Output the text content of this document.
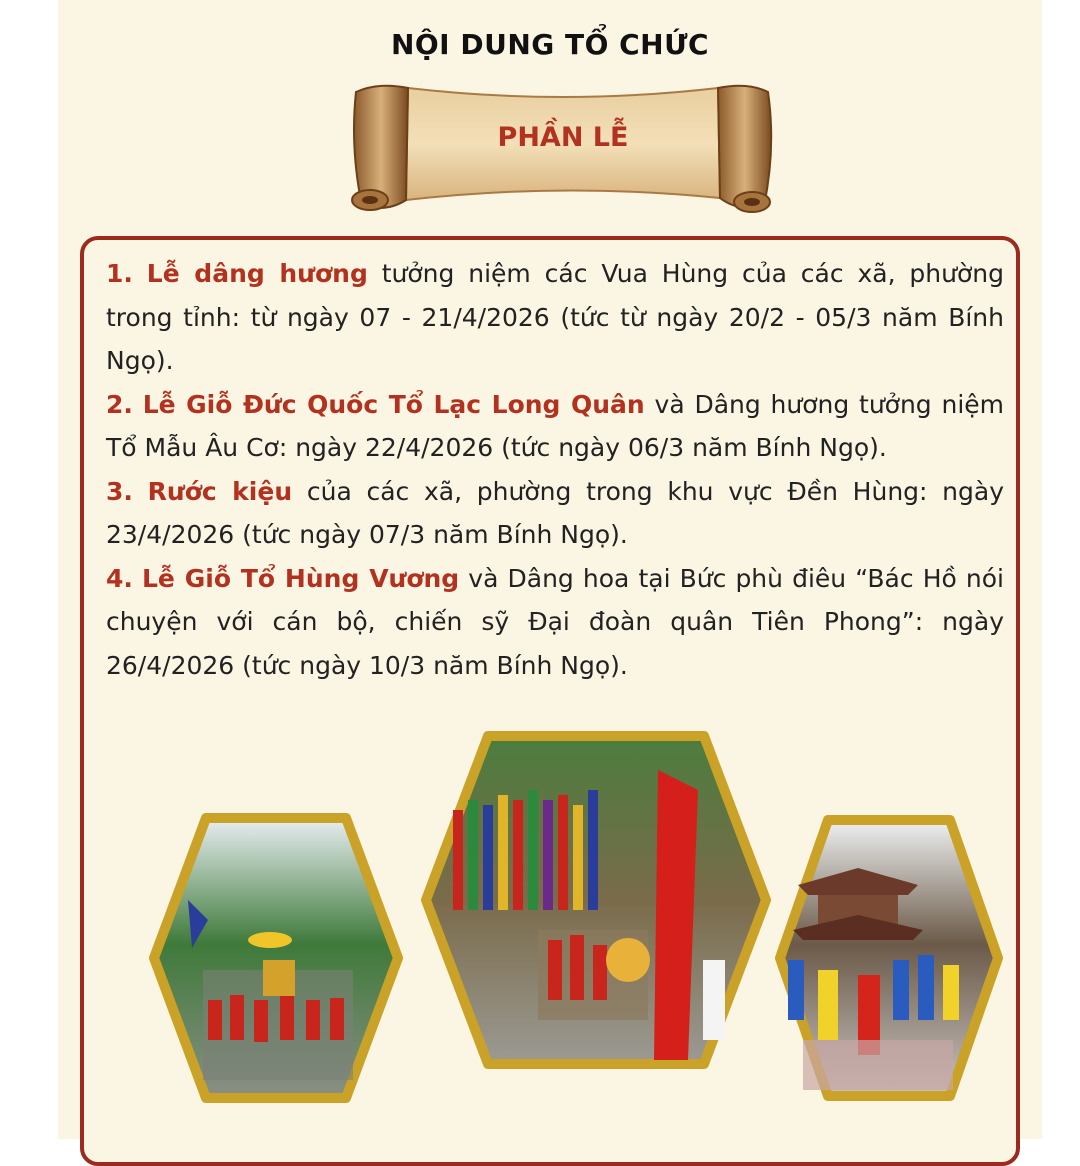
NỘI DUNG TỔ CHỨC
PHẦN LỄ

1. Lễ dâng hương tưởng niệm các Vua Hùng của các xã, phường trong tỉnh: từ ngày 07 - 21/4/2026 (tức từ ngày 20/2 - 05/3 năm Bính Ngọ).

2. Lễ Giỗ Đức Quốc Tổ Lạc Long Quân và Dâng hương tưởng niệm Tổ Mẫu Âu Cơ: ngày 22/4/2026 (tức ngày 06/3 năm Bính Ngọ).

3. Rước kiệu của các xã, phường trong khu vực Đền Hùng: ngày 23/4/2026 (tức ngày 07/3 năm Bính Ngọ).

4. Lễ Giỗ Tổ Hùng Vương và Dâng hoa tại Bức phù điêu “Bác Hồ nói chuyện với cán bộ, chiến sỹ Đại đoàn quân Tiên Phong”: ngày 26/4/2026 (tức ngày 10/3 năm Bính Ngọ).
